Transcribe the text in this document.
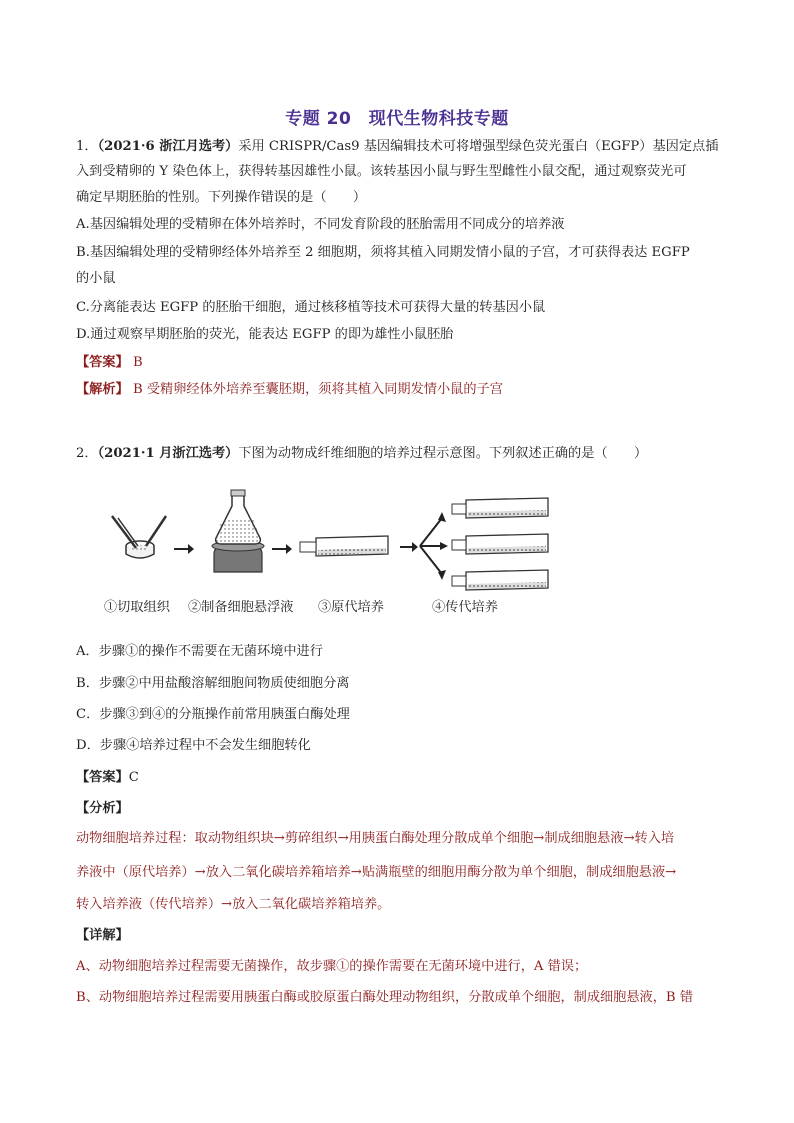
专题 20　现代生物科技专题
1．（2021·6 浙江月选考）采用 CRISPR/Cas9 基因编辑技术可将增强型绿色荧光蛋白（EGFP）基因定点插
入到受精卵的 Y 染色体上，获得转基因雄性小鼠。该转基因小鼠与野生型雌性小鼠交配，通过观察荧光可
确定早期胚胎的性别。下列操作错误的是（　　）
A.基因编辑处理的受精卵在体外培养时，不同发育阶段的胚胎需用不同成分的培养液
B.基因编辑处理的受精卵经体外培养至 2 细胞期，须将其植入同期发情小鼠的子宫，才可获得表达 EGFP
的小鼠
C.分离能表达 EGFP 的胚胎干细胞，通过核移植等技术可获得大量的转基因小鼠
D.通过观察早期胚胎的荧光，能表达 EGFP 的即为雄性小鼠胚胎
【答案】 B
【解析】 B 受精卵经体外培养至囊胚期，须将其植入同期发情小鼠的子宫
2．（2021·1 月浙江选考）下图为动物成纤维细胞的培养过程示意图。下列叙述正确的是（　　）
①切取组织 ②制备细胞悬浮液 ③原代培养	④传代培养
A．步骤①的操作不需要在无菌环境中进行
B．步骤②中用盐酸溶解细胞间物质使细胞分离
C．步骤③到④的分瓶操作前常用胰蛋白酶处理
D．步骤④培养过程中不会发生细胞转化
【答案】C
【分析】
动物细胞培养过程：取动物组织块→剪碎组织→用胰蛋白酶处理分散成单个细胞→制成细胞悬液→转入培
养液中（原代培养）→放入二氧化碳培养箱培养→贴满瓶壁的细胞用酶分散为单个细胞，制成细胞悬液→
转入培养液（传代培养）→放入二氧化碳培养箱培养。
【详解】
A、动物细胞培养过程需要无菌操作，故步骤①的操作需要在无菌环境中进行，A 错误；
B、动物细胞培养过程需要用胰蛋白酶或胶原蛋白酶处理动物组织，分散成单个细胞，制成细胞悬液，B 错
